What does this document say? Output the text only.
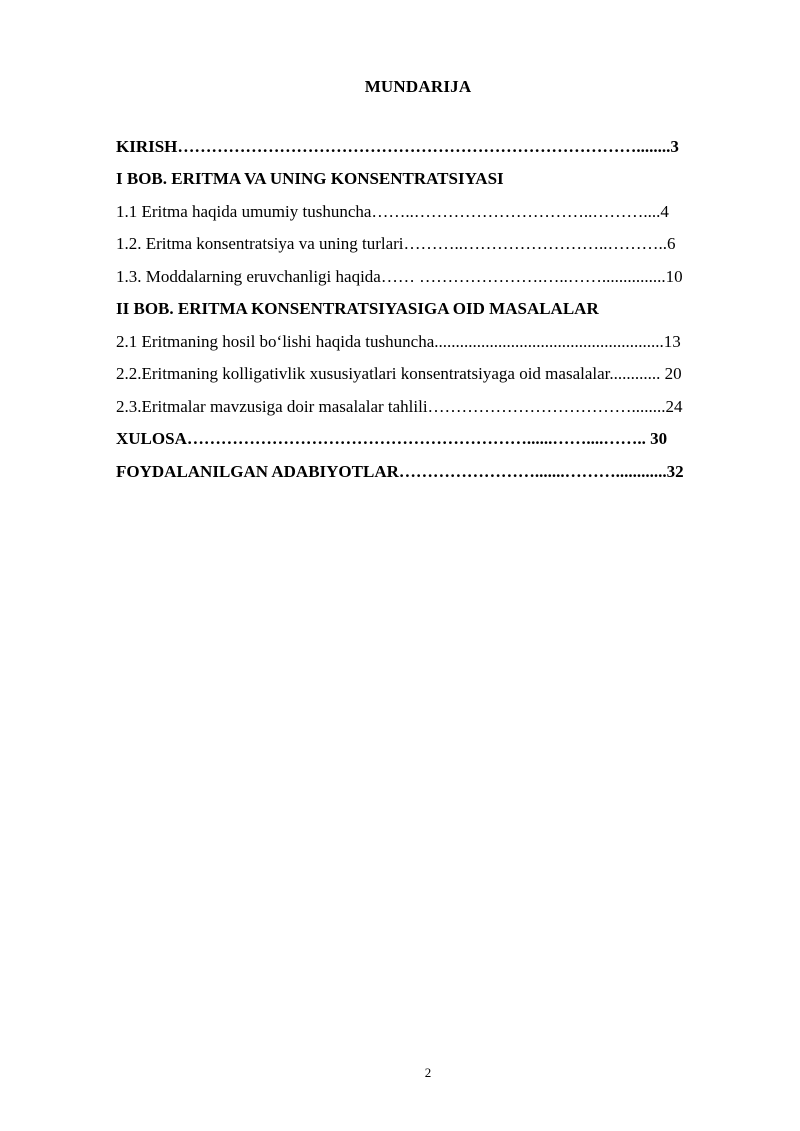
MUNDARIJA
KIRISH………………………………………………………………………........3
I BOB. ERITMA VA UNING KONSENTRATSIYASI
1.1 Eritma haqida umumiy tushuncha……..…………………………..………....4
1.2. Eritma konsentratsiya va uning turlari………..……………………..………..6
1.3. Moddalarning eruvchanligi haqida…… ………………….…..……...............10
II BOB. ERITMA KONSENTRATSIYASIGA OID MASALALAR
2.1 Eritmaning hosil bo‘lishi haqida tushuncha......................................................13
2.2.Eritmaning kolligativlik xususiyatlari konsentratsiyaga oid masalalar............ 20
2.3.Eritmalar mavzusiga doir masalalar tahlili………………………………........24
XULOSA……………………………………………………......……....…….. 30
FOYDALANILGAN ADABIYOTLAR…………………….......………............32
2
